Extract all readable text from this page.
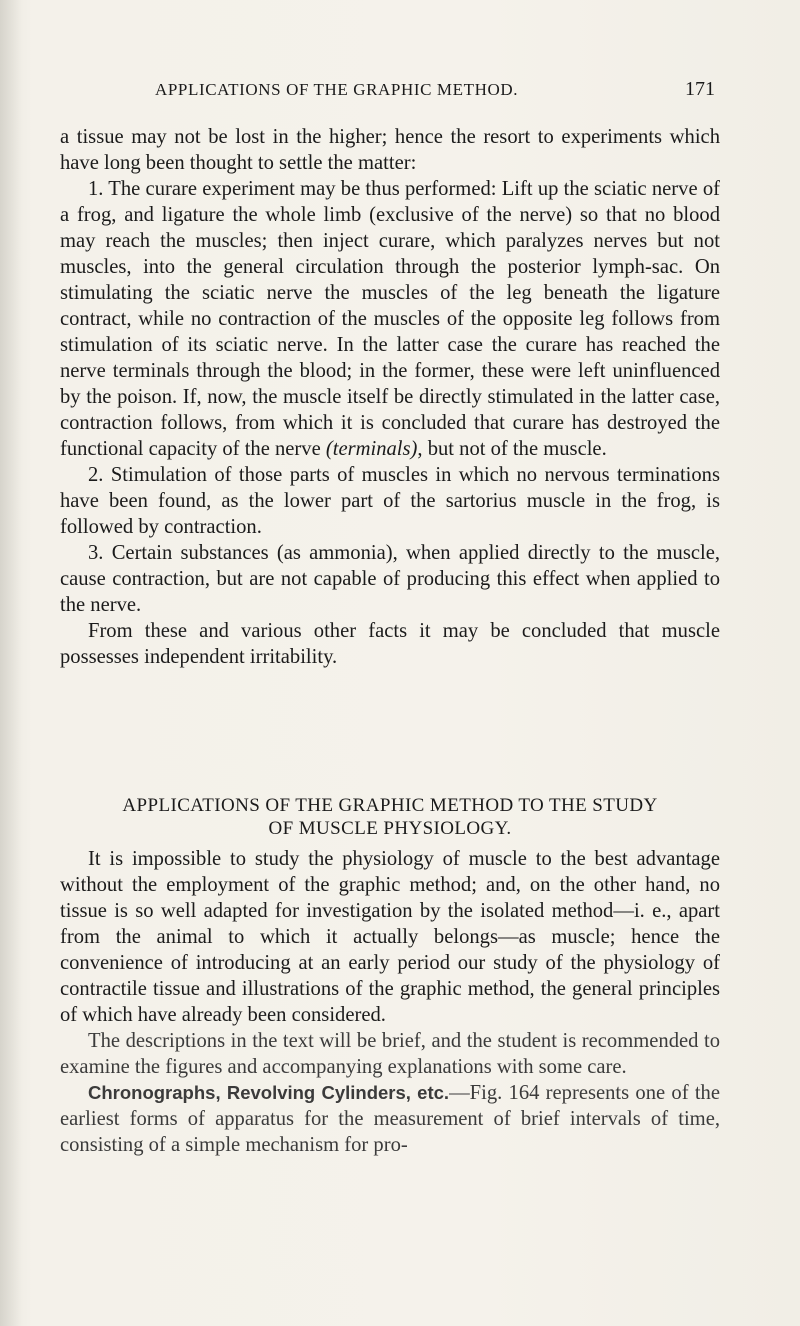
APPLICATIONS OF THE GRAPHIC METHOD.	171

a tissue may not be lost in the higher; hence the resort to experiments which have long been thought to settle the matter:

1. The curare experiment may be thus performed: Lift up the sciatic nerve of a frog, and ligature the whole limb (exclusive of the nerve) so that no blood may reach the muscles; then inject curare, which paralyzes nerves but not muscles, into the general circulation through the posterior lymph-sac. On stimulating the sciatic nerve the muscles of the leg beneath the ligature contract, while no contraction of the muscles of the opposite leg follows from stimulation of its sciatic nerve. In the latter case the curare has reached the nerve terminals through the blood; in the former, these were left uninfluenced by the poison. If, now, the muscle itself be directly stimulated in the latter case, contraction follows, from which it is concluded that curare has destroyed the functional capacity of the nerve (terminals), but not of the muscle.

2. Stimulation of those parts of muscles in which no nervous terminations have been found, as the lower part of the sartorius muscle in the frog, is followed by contraction.

3. Certain substances (as ammonia), when applied directly to the muscle, cause contraction, but are not capable of producing this effect when applied to the nerve.

From these and various other facts it may be concluded that muscle possesses independent irritability.

APPLICATIONS OF THE GRAPHIC METHOD TO THE STUDY
OF MUSCLE PHYSIOLOGY.

It is impossible to study the physiology of muscle to the best advantage without the employment of the graphic method; and, on the other hand, no tissue is so well adapted for investigation by the isolated method—i. e., apart from the animal to which it actually belongs—as muscle; hence the convenience of introducing at an early period our study of the physiology of contractile tissue and illustrations of the graphic method, the general principles of which have already been considered.

The descriptions in the text will be brief, and the student is recommended to examine the figures and accompanying explanations with some care.

Chronographs, Revolving Cylinders, etc.—Fig. 164 represents one of the earliest forms of apparatus for the measurement of brief intervals of time, consisting of a simple mechanism for pro-
